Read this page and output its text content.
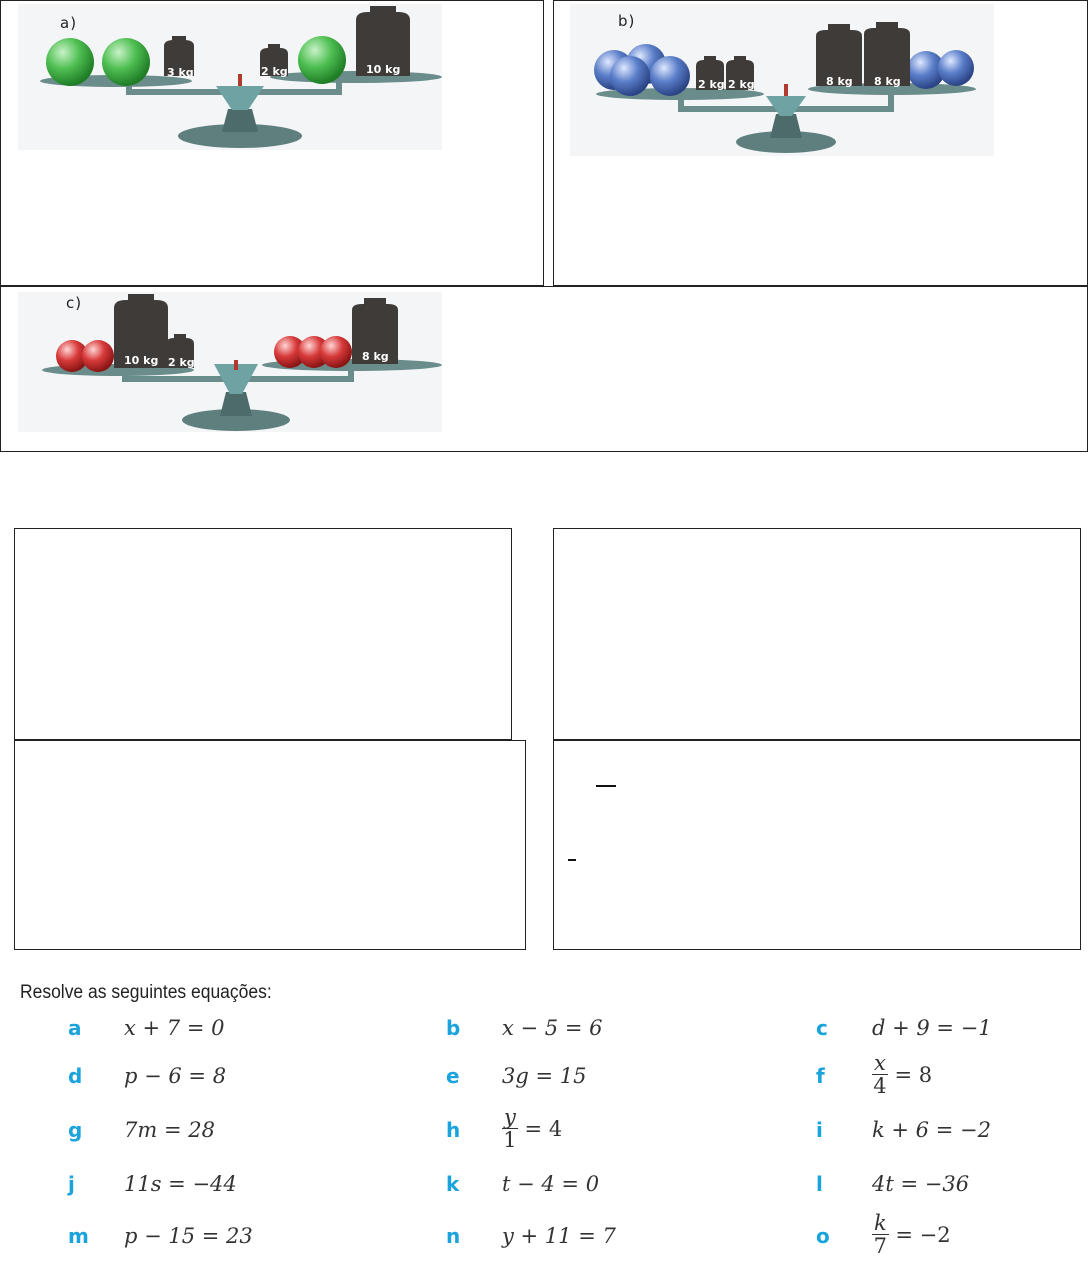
a)
3 kg	2 kg	10 kg
b)
2 kg 2 kg	8 kg 8 kg
c)
10 kg 2 kg	8 kg
Resolve as seguintes equações:
a x + 7 = 0	b x − 5 = 6	c d + 9 = −1
d p − 6 = 8	e 3g = 15	f $\frac{x}{4} = 8$
g 7m = 28	h $\frac{y}{1} = 4$	i k + 6 = −2
j 11s = −44	k t − 4 = 0	l 4t = −36
m p − 15 = 23	n y + 11 = 7	o $\frac{k}{7} = -2$
